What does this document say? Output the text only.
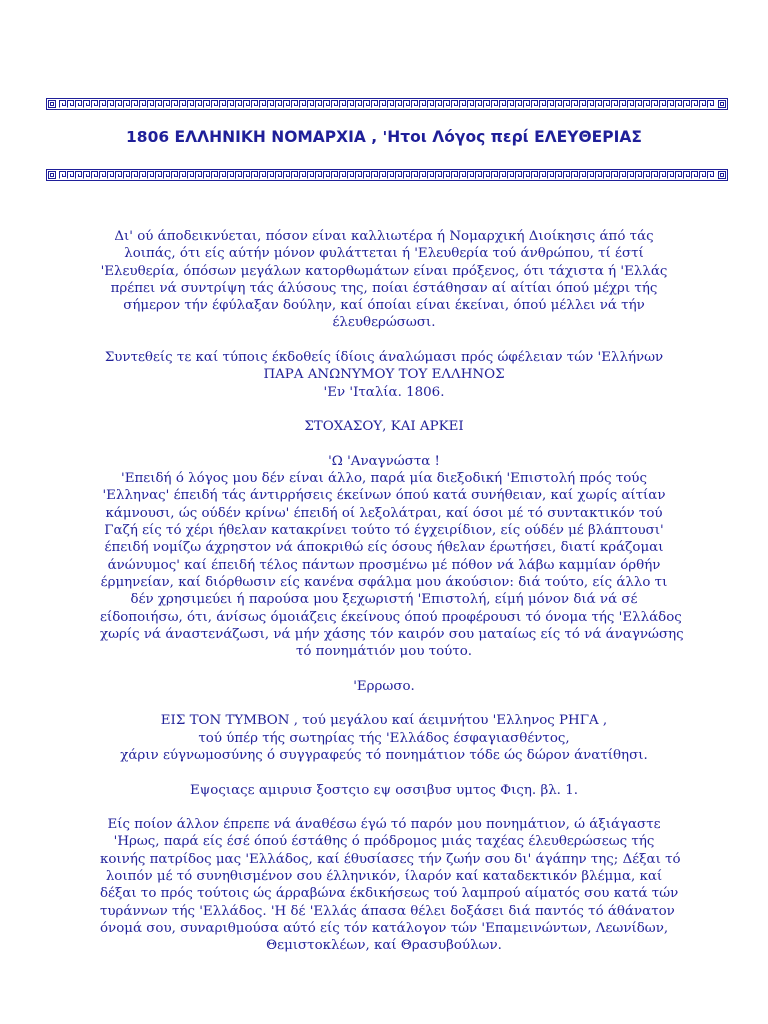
1806 ΕΛΛΗΝΙΚΗ ΝΟΜΑΡΧΙΑ , 'Ητοι Λόγος περί ΕΛΕΥΘΕΡΙΑΣ

Δι' ού άποδεικνύεται, πόσον είναι καλλιωτέρα ή Νομαρχική Διοίκησις άπό τάς
λοιπάς, ότι είς αύτήν μόνον φυλάττεται ή 'Ελευθερία τού άνθρώπου, τί έστί
'Ελευθερία, όπόσων μεγάλων κατορθωμάτων είναι πρόξενος, ότι τάχιστα ή 'Ελλάς
πρέπει νά συντρίψη τάς άλύσους της, ποίαι έστάθησαν αί αίτίαι όπού μέχρι τής
σήμερον τήν έφύλαξαν δούλην, καί όποίαι είναι έκείναι, όπού μέλλει νά τήν
έλευθερώσωσι.

Συντεθείς τε καί τύποις έκδοθείς ίδίοις άναλώμασι πρός ώφέλειαν τών 'Ελλήνων
ΠΑΡΑ ΑΝΩΝΥΜΟΥ ΤΟΥ ΕΛΛΗΝΟΣ
'Εν 'Ιταλία. 1806.

ΣΤΟΧΑΣΟΥ, ΚΑΙ ΑΡΚΕΙ

'Ω 'Αναγνώστα !
'Επειδή ό λόγος μου δέν είναι άλλο, παρά μία διεξοδική 'Επιστολή πρός τούς
'Ελληνας' έπειδή τάς άντιρρήσεις έκείνων όπού κατά συνήθειαν, καί χωρίς αίτίαν
κάμνουσι, ώς ούδέν κρίνω' έπειδή οί λεξολάτραι, καί όσοι μέ τό συντακτικόν τού
Γαζή είς τό χέρι ήθελαν κατακρίνει τούτο τό έγχειρίδιον, είς ούδέν μέ βλάπτουσι'
έπειδή νομίζω άχρηστον νά άποκριθώ είς όσους ήθελαν έρωτήσει, διατί κράζομαι
άνώνυμος' καί έπειδή τέλος πάντων προσμένω μέ πόθον νά λάβω καμμίαν όρθήν
έρμηνείαν, καί διόρθωσιν είς κανένα σφάλμα μου άκούσιον: διά τούτο, είς άλλο τι
δέν χρησιμεύει ή παρούσα μου ξεχωριστή 'Επιστολή, είμή μόνον διά νά σέ
είδοποιήσω, ότι, άνίσως όμοιάζεις έκείνους όπού προφέρουσι τό όνομα τής 'Ελλάδος
χωρίς νά άναστενάζωσι, νά μήν χάσης τόν καιρόν σου ματαίως είς τό νά άναγνώσης
τό πονημάτιόν μου τούτο.

'Ερρωσο.

ΕΙΣ ΤΟΝ ΤΥΜΒΟΝ , τού μεγάλου καί άειμνήτου 'Ελληνος ΡΗΓΑ ,
τού ύπέρ τής σωτηρίας τής 'Ελλάδος έσφαγιασθέντος,
χάριν εύγνωμοσύνης ό συγγραφεύς τό πονημάτιον τόδε ώς δώρον άνατίθησι.

Εψοςιαςε αμιρυισ ξοστςιο εψ οσσιβυσ υμτος Φιςη. βλ. 1.

Είς ποίον άλλον έπρεπε νά άναθέσω έγώ τό παρόν μου πονημάτιον, ώ άξιάγαστε
'Ηρως, παρά είς έσέ όπού έστάθης ό πρόδρομος μιάς ταχέας έλευθερώσεως τής
κοινής πατρίδος μας 'Ελλάδος, καί έθυσίασες τήν ζωήν σου δι' άγάπην της; Δέξαι τό
λοιπόν μέ τό συνηθισμένον σου έλληνικόν, ίλαρόν καί καταδεκτικόν βλέμμα, καί
δέξαι το πρός τούτοις ώς άρραβώνα έκδικήσεως τού λαμπρού αίματός σου κατά τών
τυράννων τής 'Ελλάδος. 'Η δέ 'Ελλάς άπασα θέλει δοξάσει διά παντός τό άθάνατον
όνομά σου, συναριθμούσα αύτό είς τόν κατάλογον τών 'Επαμεινώντων, Λεωνίδων,
Θεμιστοκλέων, καί Θρασυβούλων.
